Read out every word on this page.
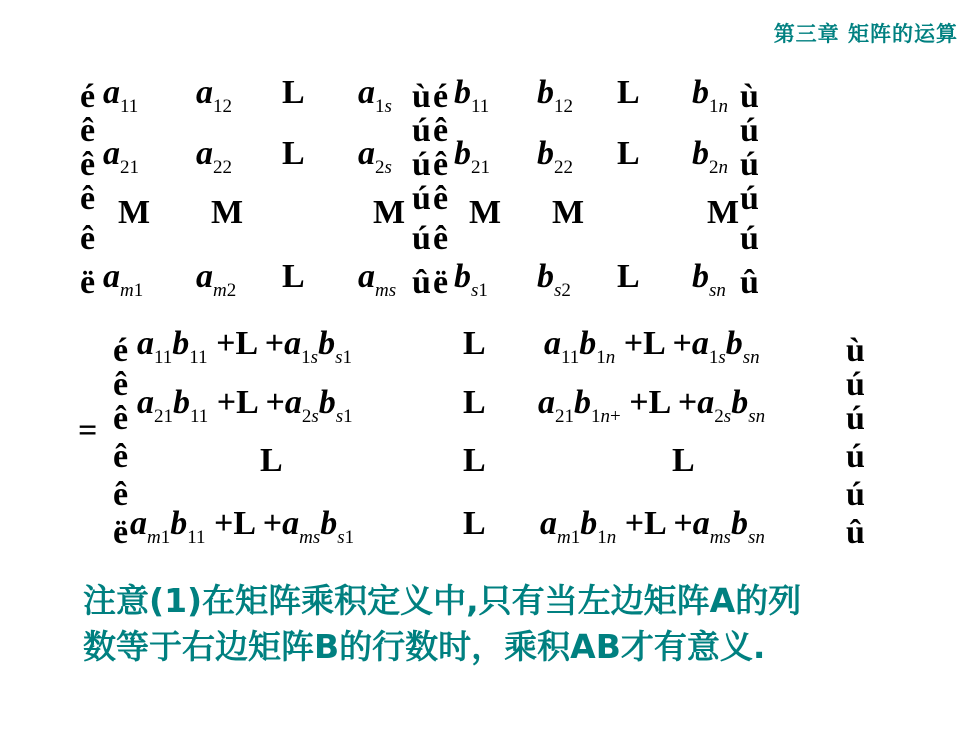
第三章 矩阵的运算
$a_{11}$ $a_{12}$ L $a_{1s}$
$a_{21}$ $a_{22}$ L $a_{2s}$
M M	M
$a_{m1}$ $a_{m2}$ L $a_{ms}$
$b_{11}$ $b_{12}$ L $b_{1n}$
$b_{21}$ $b_{22}$ L $b_{2n}$
M M	M
$b_{s1}$ $b_{s2}$ L $b_{sn}$
é
ê
ê
ê
ê
ë
ù é	ù
ú ê	ú
ú ê	ú
ú ê	ú
ú ê	ú
û ë	û
$a_{11}b_{11} +L +a_{1s}b_{s1}$	L $a_{11}b_{1n} +L +a_{1s}b_{sn}$
$a_{21}b_{11} +L +a_{2s}b_{s1}$	L $a_{21}b_{1n+} +L +a_{2s}b_{sn}$
L	L	L
$a_{m1}b_{11} +L +a_{ms}b_{s1}$	L $a_{m1}b_{1n} +L +a_{ms}b_{sn}$
é	ù
ê	ú
ê	ú
ê	ú
ê	ú
ë	û
=
注意(1)在矩阵乘积定义中,只有当左边矩阵A的列
数等于右边矩阵B的行数时，乘积AB才有意义.
